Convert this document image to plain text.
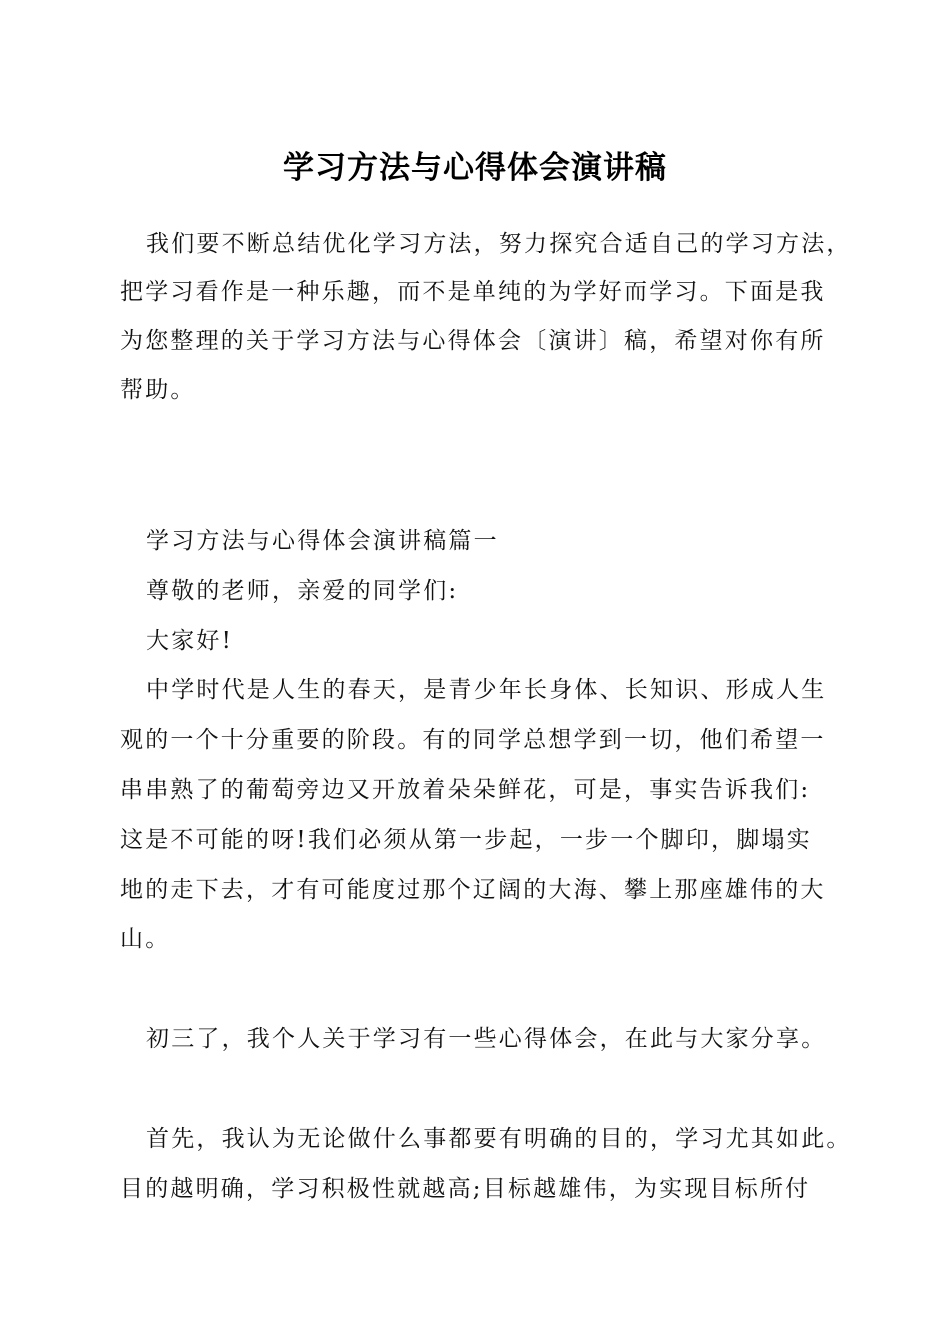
学习方法与心得体会演讲稿
我们要不断总结优化学习方法，努力探究合适自己的学习方法，
把学习看作是一种乐趣，而不是单纯的为学好而学习。下面是我
为您整理的关于学习方法与心得体会〔演讲〕稿，希望对你有所
帮助。
学习方法与心得体会演讲稿篇一
尊敬的老师，亲爱的同学们:
大家好!
中学时代是人生的春天，是青少年长身体、长知识、形成人生
观的一个十分重要的阶段。有的同学总想学到一切，他们希望一
串串熟了的葡萄旁边又开放着朵朵鲜花，可是，事实告诉我们:
这是不可能的呀!我们必须从第一步起，一步一个脚印，脚塌实
地的走下去，才有可能度过那个辽阔的大海、攀上那座雄伟的大
山。
初三了，我个人关于学习有一些心得体会，在此与大家分享。
首先，我认为无论做什么事都要有明确的目的，学习尤其如此。
目的越明确，学习积极性就越高;目标越雄伟，为实现目标所付
